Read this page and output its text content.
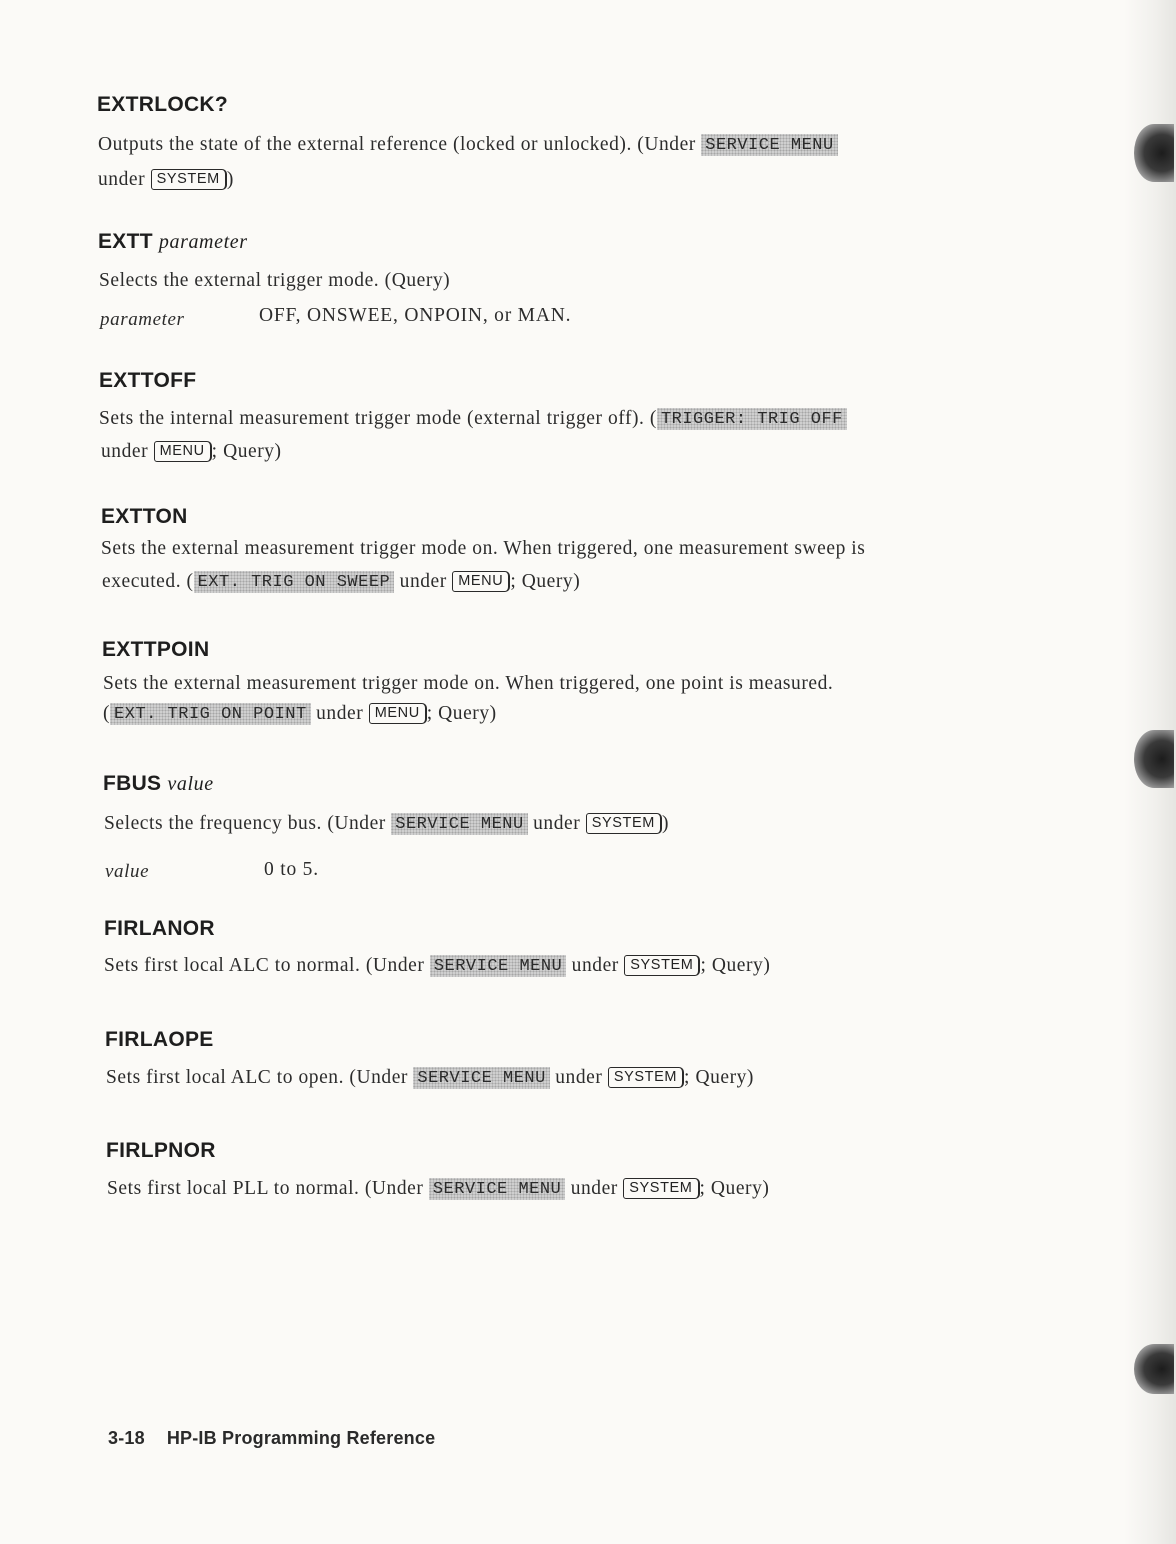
EXTRLOCK?
Outputs the state of the external reference (locked or unlocked). (Under SERVICE MENU
under SYSTEM )
EXTT parameter
Selects the external trigger mode. (Query)
parameter	OFF, ONSWEE, ONPOIN, or MAN.
EXTTOFF
Sets the internal measurement trigger mode (external trigger off). ( TRIGGER: TRIG OFF
under MENU ; Query)
EXTTON
Sets the external measurement trigger mode on. When triggered, one measurement sweep is
executed. ( EXT. TRIG ON SWEEP under MENU ; Query)
EXTTPOIN
Sets the external measurement trigger mode on. When triggered, one point is measured.
( EXT. TRIG ON POINT under MENU ; Query)
FBUS value
Selects the frequency bus. (Under SERVICE MENU under SYSTEM )
value	0 to 5.
FIRLANOR
Sets first local ALC to normal. (Under SERVICE MENU under SYSTEM ; Query)
FIRLAOPE
Sets first local ALC to open. (Under SERVICE MENU under SYSTEM ; Query)
FIRLPNOR
Sets first local PLL to normal. (Under SERVICE MENU under SYSTEM ; Query)
3-18 HP-IB Programming Reference
